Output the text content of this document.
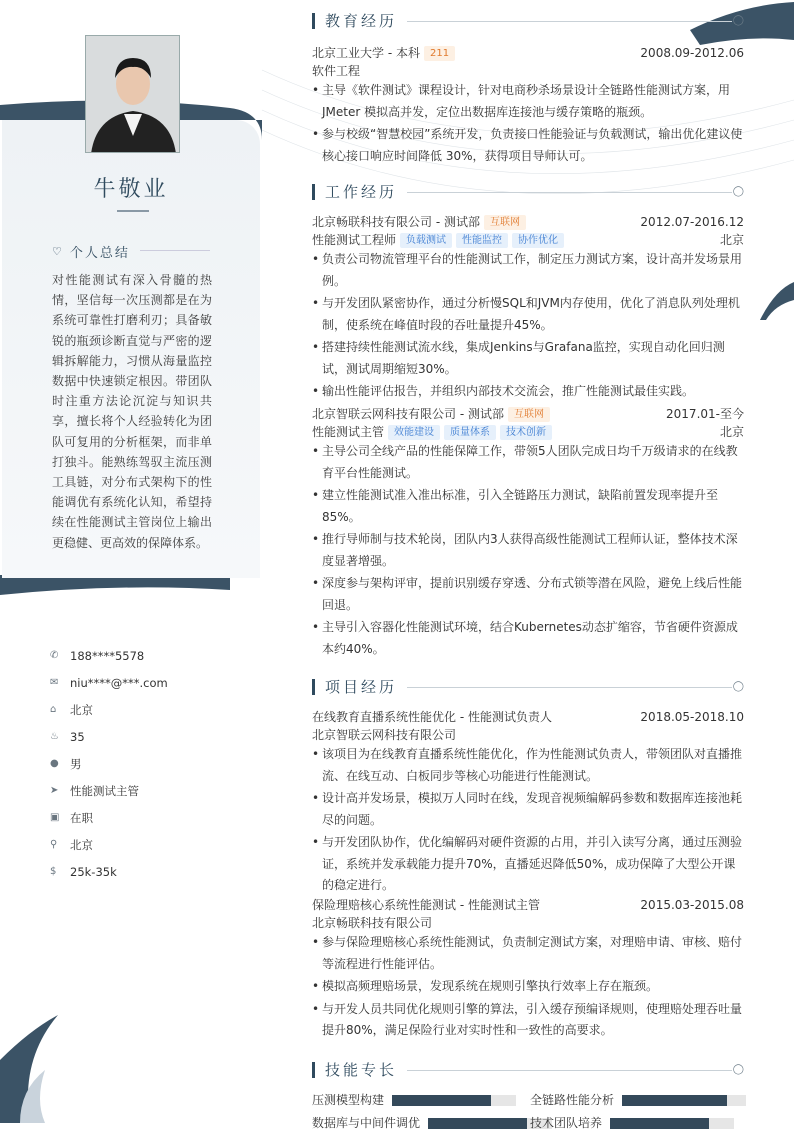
牛敬业
♡ 个人总结
对性能测试有深入骨髓的热情，坚信每一次压测都是在为系统可靠性打磨利刃；具备敏锐的瓶颈诊断直觉与严密的逻辑拆解能力，习惯从海量监控数据中快速锁定根因。带团队时注重方法论沉淀与知识共享，擅长将个人经验转化为团队可复用的分析框架，而非单打独斗。能熟练驾驭主流压测工具链，对分布式架构下的性能调优有系统化认知，希望持续在性能测试主管岗位上输出更稳健、更高效的保障体系。
✆	188****5578
✉	niu****@***.com
⌂	北京
♨ 35
● 男
➤	性能测试主管
▣ 在职
⚲	北京
$	25k-35k
教育经历	◯
北京工业大学 - 本科 211	2008.09-2012.06
软件工程
• 主导《软件测试》课程设计，针对电商秒杀场景设计全链路性能测试方案，用JMeter 模拟高并发，定位出数据库连接池与缓存策略的瓶颈。
• 参与校级“智慧校园”系统开发，负责接口性能验证与负载测试，输出优化建议使核心接口响应时间降低 30%，获得项目导师认可。
工作经历	◯
北京畅联科技有限公司 - 测试部 互联网	2012.07-2016.12
性能测试工程师 负载测试 性能监控 协作优化	北京
• 负责公司物流管理平台的性能测试工作，制定压力测试方案，设计高并发场景用例。
• 与开发团队紧密协作，通过分析慢SQL和JVM内存使用，优化了消息队列处理机制，使系统在峰值时段的吞吐量提升45%。
• 搭建持续性能测试流水线，集成Jenkins与Grafana监控，实现自动化回归测试，测试周期缩短30%。
• 输出性能评估报告，并组织内部技术交流会，推广性能测试最佳实践。
北京智联云网科技有限公司 - 测试部 互联网	2017.01-至今
性能测试主管 效能建设 质量体系 技术创新	北京
• 主导公司全线产品的性能保障工作，带领5人团队完成日均千万级请求的在线教育平台性能测试。
• 建立性能测试准入准出标准，引入全链路压力测试，缺陷前置发现率提升至85%。
• 推行导师制与技术轮岗，团队内3人获得高级性能测试工程师认证，整体技术深度显著增强。
• 深度参与架构评审，提前识别缓存穿透、分布式锁等潜在风险，避免上线后性能回退。
• 主导引入容器化性能测试环境，结合Kubernetes动态扩缩容，节省硬件资源成本约40%。
项目经历	◯
在线教育直播系统性能优化 - 性能测试负责人	2018.05-2018.10
北京智联云网科技有限公司
• 该项目为在线教育直播系统性能优化，作为性能测试负责人，带领团队对直播推流、在线互动、白板同步等核心功能进行性能测试。
• 设计高并发场景，模拟万人同时在线，发现音视频编解码参数和数据库连接池耗尽的问题。
• 与开发团队协作，优化编解码对硬件资源的占用，并引入读写分离，通过压测验证，系统并发承载能力提升70%，直播延迟降低50%，成功保障了大型公开课的稳定进行。
保险理赔核心系统性能测试 - 性能测试主管	2015.03-2015.08
北京畅联科技有限公司
• 参与保险理赔核心系统性能测试，负责制定测试方案，对理赔申请、审核、赔付等流程进行性能评估。
• 模拟高频理赔场景，发现系统在规则引擎执行效率上存在瓶颈。
• 与开发人员共同优化规则引擎的算法，引入缓存预编译规则，使理赔处理吞吐量提升80%，满足保险行业对实时性和一致性的高要求。
技能专长	◯
压测模型构建	全链路性能分析
数据库与中间件调优	技术团队培养
